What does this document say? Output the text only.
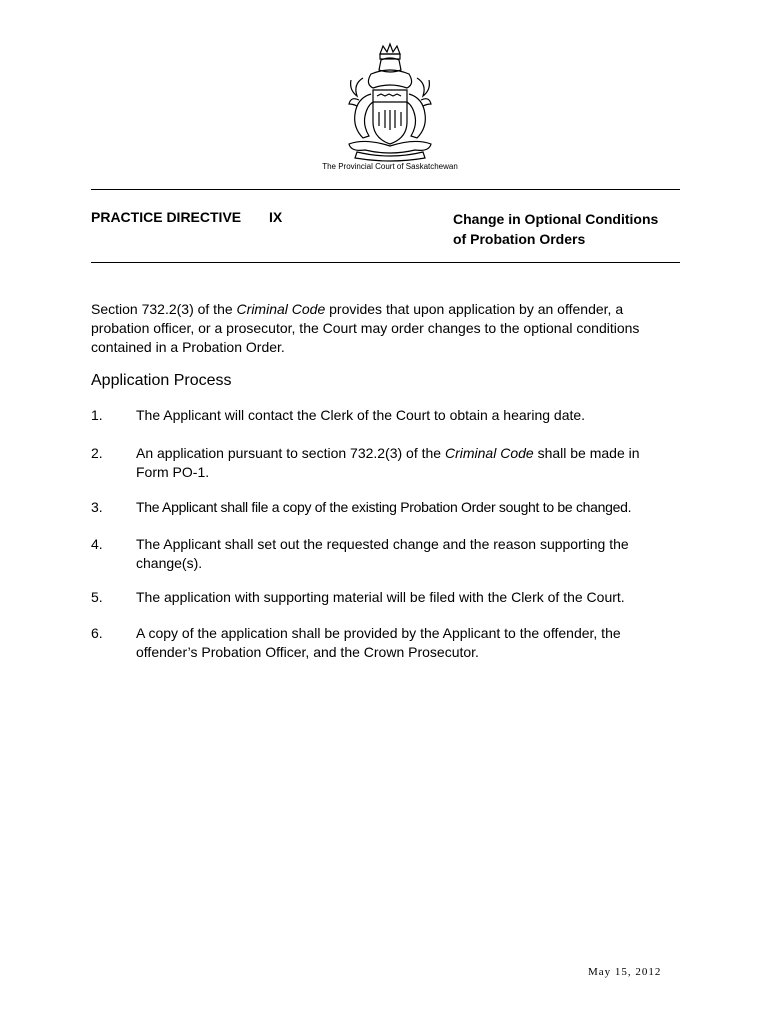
The Provincial Court of Saskatchewan
PRACTICE DIRECTIVE IX	Change in Optional Conditions
of Probation Orders
Section 732.2(3) of the Criminal Code provides that upon application by an offender, a
probation officer, or a prosecutor, the Court may order changes to the optional conditions
contained in a Probation Order.
Application Process
1. The Applicant will contact the Clerk of the Court to obtain a hearing date.
2. An application pursuant to section 732.2(3) of the Criminal Code shall be made in
Form PO-1.
3. The Applicant shall file a copy of the existing Probation Order sought to be changed.
4. The Applicant shall set out the requested change and the reason supporting the
change(s).
5. The application with supporting material will be filed with the Clerk of the Court.
6. A copy of the application shall be provided by the Applicant to the offender, the
offender’s Probation Officer, and the Crown Prosecutor.
May 15, 2012
